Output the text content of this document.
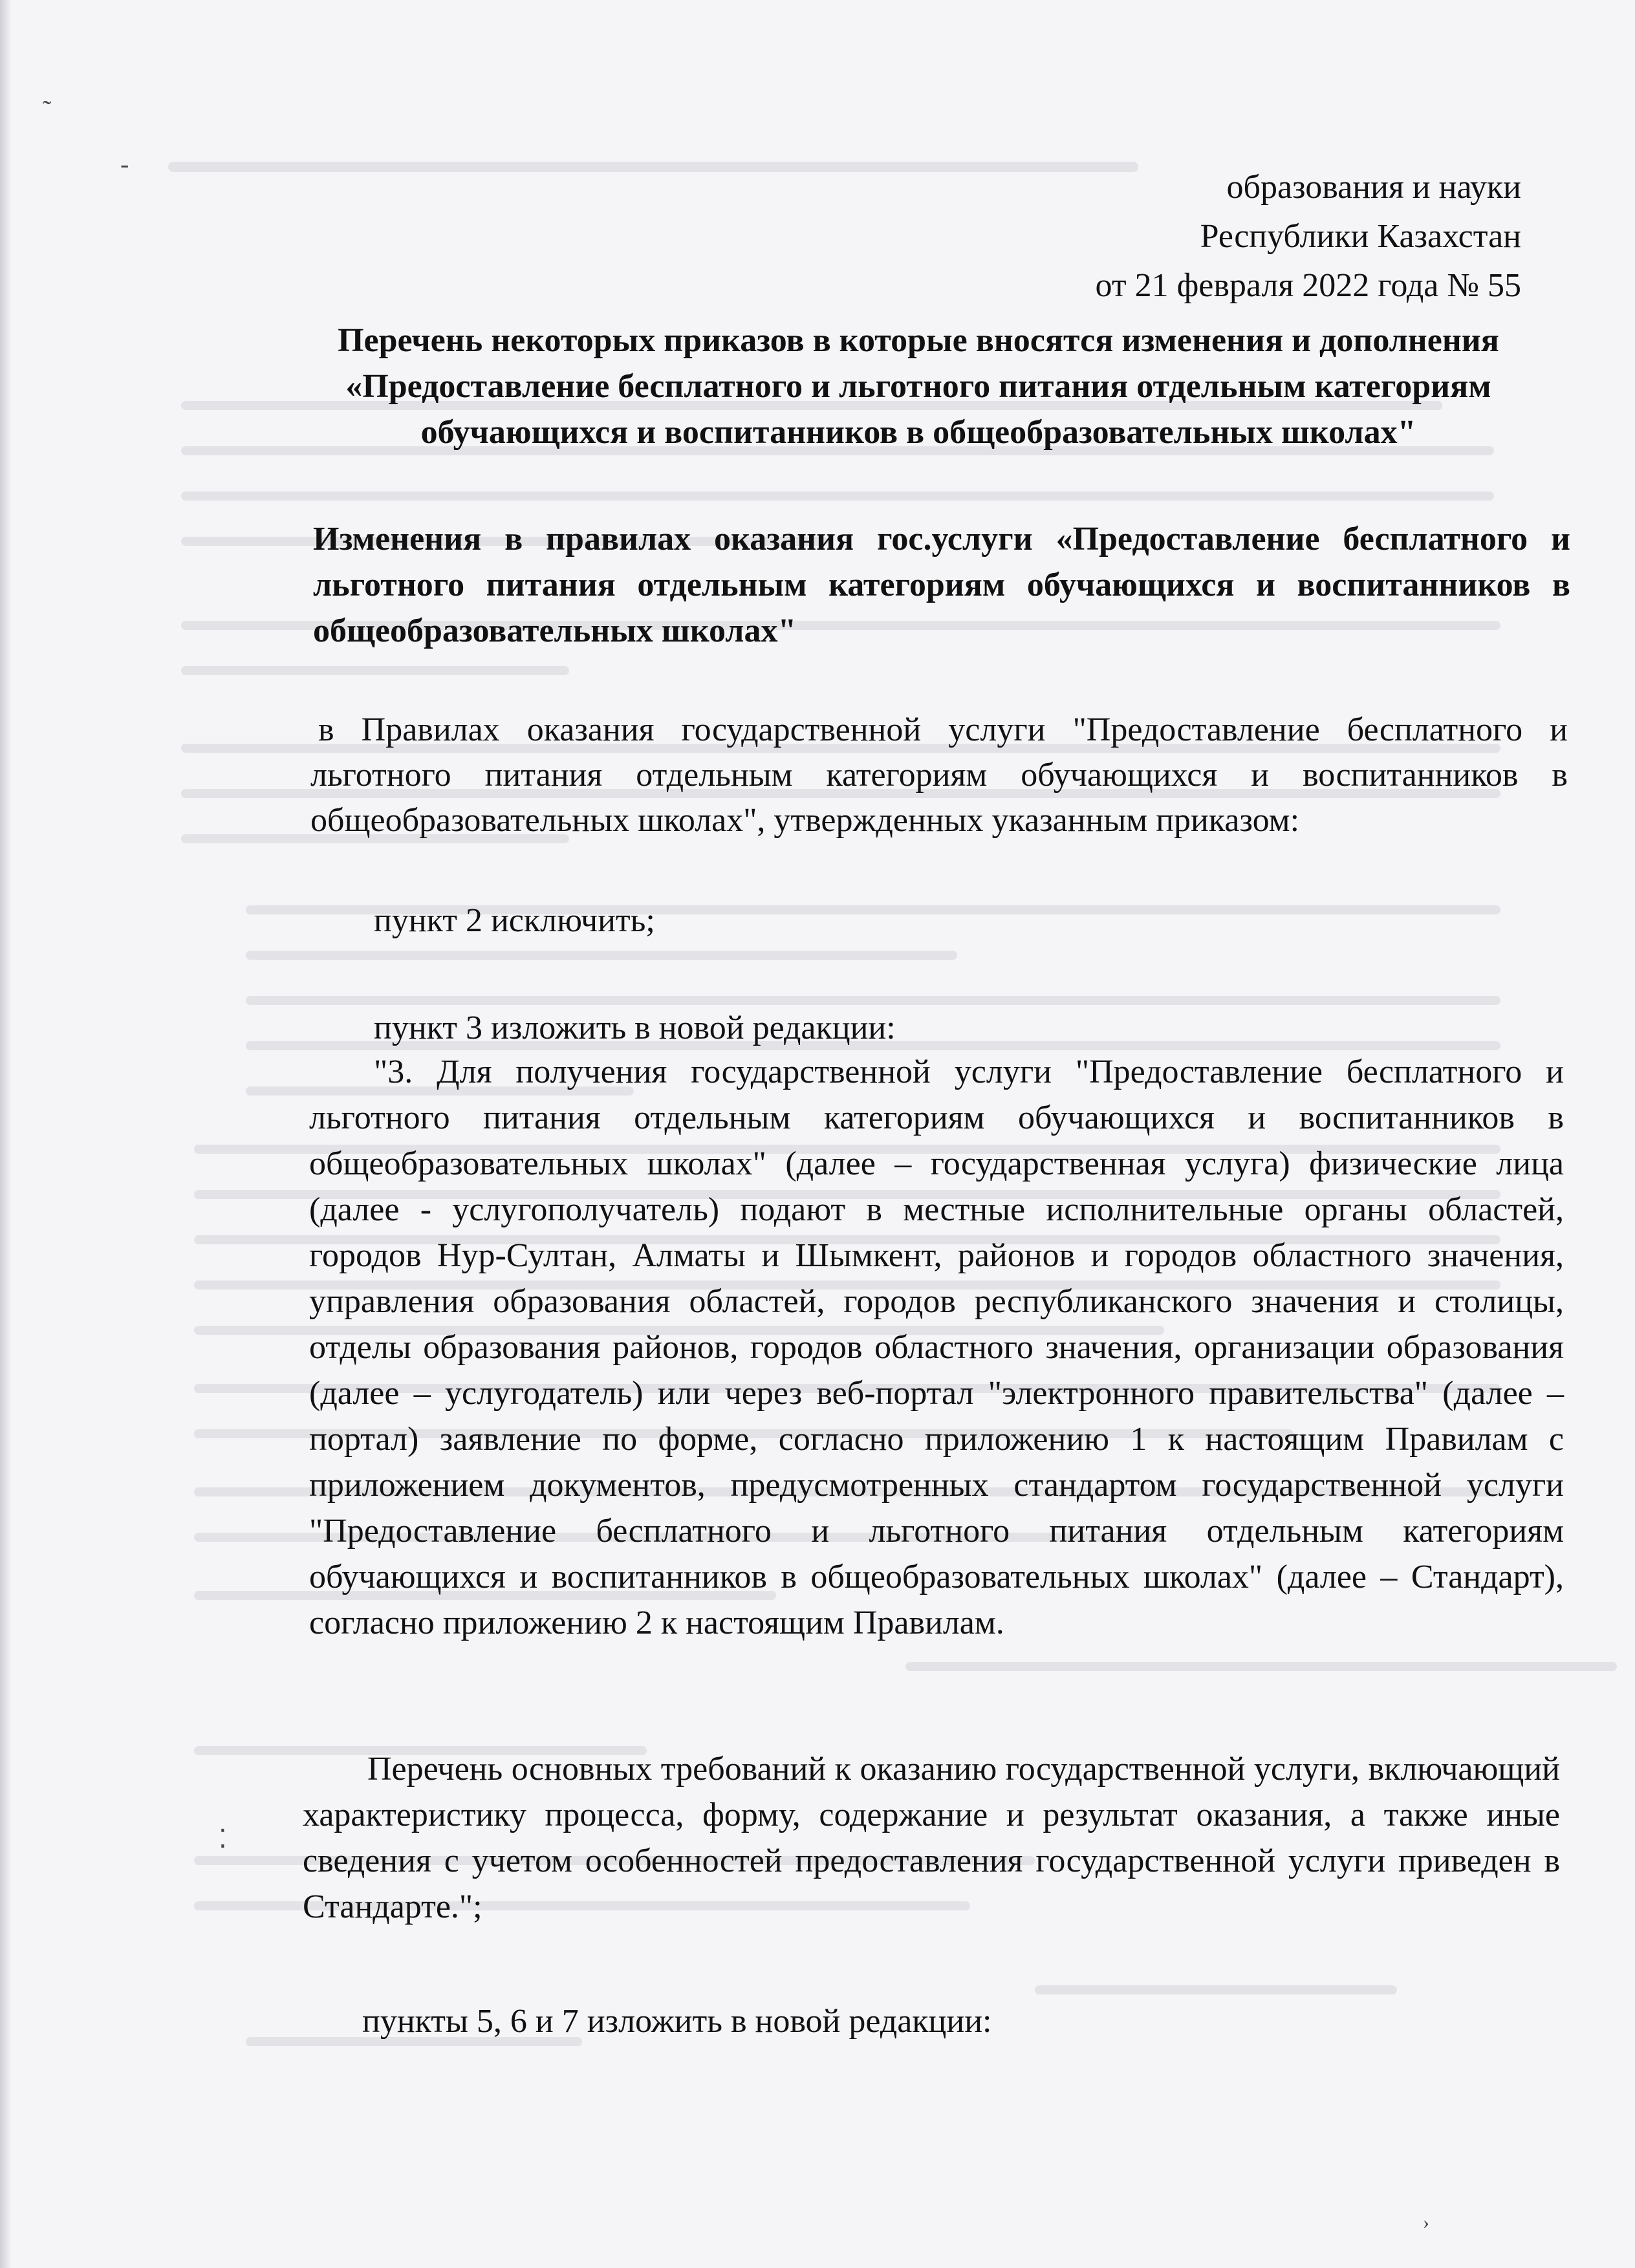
˜
-
⁚
образования и науки
Республики Казахстан
от 21 февраля 2022 года № 55
Перечень некоторых приказов в которые вносятся изменения и дополнения «Предоставление бесплатного и льготного питания отдельным категориям обучающихся и воспитанников в общеобразовательных школах"
Изменения в правилах оказания гос.услуги «Предоставление бесплатного и льготного питания отдельным категориям обучающихся и воспитанников в общеобразовательных школах"
в Правилах оказания государственной услуги "Предоставление бесплатного и льготного питания отдельным категориям обучающихся и воспитанников в общеобразовательных школах", утвержденных указанным приказом:
пункт 2 исключить;
пункт 3 изложить в новой редакции:
"3. Для получения государственной услуги "Предоставление бесплатного и льготного питания отдельным категориям обучающихся и воспитанников в общеобразовательных школах" (далее – государственная услуга) физические лица (далее - услугополучатель) подают в местные исполнительные органы областей, городов Нур-Султан, Алматы и Шымкент, районов и городов областного значения, управления образования областей, городов республиканского значения и столицы, отделы образования районов, городов областного значения, организации образования (далее – услугодатель) или через веб-портал "электронного правительства" (далее – портал) заявление по форме, согласно приложению 1 к настоящим Правилам с приложением документов, предусмотренных стандартом государственной услуги "Предоставление бесплатного и льготного питания отдельным категориям обучающихся и воспитанников в общеобразовательных школах" (далее – Стандарт), согласно приложению 2 к настоящим Правилам.
Перечень основных требований к оказанию государственной услуги, включающий характеристику процесса, форму, содержание и результат оказания, а также иные сведения с учетом особенностей предоставления государственной услуги приведен в Стандарте.";
пункты 5, 6 и 7 изложить в новой редакции:
›
